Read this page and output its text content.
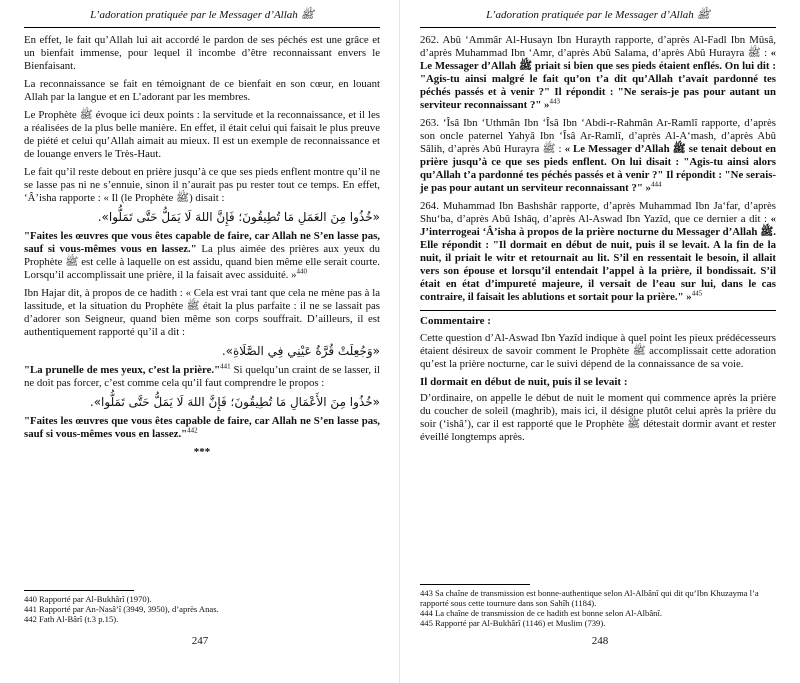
L’adoration pratiquée par le Messager d’Allah ﷺ

En effet, le fait qu’Allah lui ait accordé le pardon de ses péchés est une grâce et un bienfait immense, pour lequel il incombe d’être reconnaissant envers le Bienfaisant.

La reconnaissance se fait en témoignant de ce bienfait en son cœur, en louant Allah par la langue et en L’adorant par les membres.

Le Prophète ﷺ évoque ici deux points : la servitude et la reconnaissance, et il les a réalisées de la plus belle manière. En effet, il était celui qui faisait le plus preuve de piété et celui qu’Allah aimait au mieux. Il est un exemple de reconnaissance et de louange envers le Très-Haut.

Le fait qu’il reste debout en prière jusqu’à ce que ses pieds enflent montre qu’il ne se lasse pas ni ne s’ennuie, sinon il n’aurait pas pu rester tout ce temps. En effet, ‘Â’isha rapporte : « Il (le Prophète ﷺ) disait :

«خُذُوا مِنَ العَمَلِ مَا تُطِيقُونَ؛ فَإِنَّ اللهَ لَا يَمَلُّ حَتَّى تَمَلُّوا».

"Faites les œuvres que vous êtes capable de faire, car Allah ne S’en lasse pas, sauf si vous-mêmes vous en lassez." La plus aimée des prières aux yeux du Prophète ﷺ est celle à laquelle on est assidu, quand bien même elle serait courte. Lorsqu’il accomplissait une prière, il la faisait avec assiduité. »$^{440}$

Ibn Hajar dit, à propos de ce hadith : « Cela est vrai tant que cela ne mène pas à la lassitude, et la situation du Prophète ﷺ était la plus parfaite : il ne se lassait pas d’adorer son Seigneur, quand bien même son corps souffrait. D’ailleurs, il est authentiquement rapporté qu’il a dit :

«وَجُعِلَتْ قُرَّةُ عَيْنِي فِي الصَّلَاةِ».

"La prunelle de mes yeux, c’est la prière."$^{441}$ Si quelqu’un craint de se lasser, il ne doit pas forcer, c’est comme cela qu’il faut comprendre le propos :

«خُذُوا مِنَ الأَعْمَالِ مَا تُطِيقُونَ؛ فَإِنَّ اللهَ لَا يَمَلُّ حَتَّى تَمَلُّوا».

"Faites les œuvres que vous êtes capable de faire, car Allah ne S’en lasse pas, sauf si vous-mêmes vous en lassez."$^{442}$

***
440 Rapporté par Al-Bukhârî (1970).
441 Rapporté par An-Nasâ’î (3949, 3950), d’après Anas.
442 Fath Al-Bârî (t.3 p.15).
247
L’adoration pratiquée par le Messager d’Allah ﷺ

262. Abû ‘Ammâr Al-Husayn Ibn Hurayth rapporte, d’après Al-Fadl Ibn Mûsâ, d’après Muhammad Ibn ‘Amr, d’après Abû Salama, d’après Abû Hurayra ﷺ : « Le Messager d’Allah ﷺ priait si bien que ses pieds étaient enflés. On lui dit : "Agis-tu ainsi malgré le fait qu’on t’a dit qu’Allah t’avait pardonné tes péchés passés et à venir ?" Il répondit : "Ne serais-je pas pour autant un serviteur reconnaissant ?" »$^{443}$

263. ‘Îsâ Ibn ‘Uthmân Ibn ‘Îsâ Ibn ‘Abdi-r-Rahmân Ar-Ramlî rapporte, d’après son oncle paternel Yahyâ Ibn ‘Îsâ Ar-Ramlî, d’après Al-A‘mash, d’après Abû Sâlih, d’après Abû Hurayra ﷺ : « Le Messager d’Allah ﷺ se tenait debout en prière jusqu’à ce que ses pieds enflent. On lui disait : "Agis-tu ainsi alors qu’Allah t’a pardonné tes péchés passés et à venir ?" Il répondit : "Ne serais-je pas pour autant un serviteur reconnaissant ?" »$^{444}$

264. Muhammad Ibn Bashshâr rapporte, d’après Muhammad Ibn Ja‘far, d’après Shu‘ba, d’après Abû Ishâq, d’après Al-Aswad Ibn Yazîd, que ce dernier a dit : « J’interrogeai ‘Â’isha à propos de la prière nocturne du Messager d’Allah ﷺ. Elle répondit : "Il dormait en début de nuit, puis il se levait. A la fin de la nuit, il priait le witr et retournait au lit. S’il en ressentait le besoin, il allait vers son épouse et lorsqu’il entendait l’appel à la prière, il bondissait. S’il était en état d’impureté majeure, il versait de l’eau sur lui, dans le cas contraire, il faisait les ablutions et sortait pour la prière." »$^{445}$

Commentaire :

Cette question d’Al-Aswad Ibn Yazîd indique à quel point les pieux prédécesseurs étaient désireux de savoir comment le Prophète ﷺ accomplissait cette adoration qu’est la prière nocturne, car le suivi dépend de la connaissance de sa voie.

Il dormait en début de nuit, puis il se levait :

D’ordinaire, on appelle le début de nuit le moment qui commence après la prière du coucher de soleil (maghrib), mais ici, il désigne plutôt celui après la prière du soir (‘ishâ’), car il est rapporté que le Prophète ﷺ détestait dormir avant et rester éveillé longtemps après.

443 Sa chaîne de transmission est bonne-authentique selon Al-Albânî qui dit qu’Ibn Khuzayma l’a rapporté sous cette tournure dans son Sahîh (1184).
444 La chaîne de transmission de ce hadith est bonne selon Al-Albânî.
445 Rapporté par Al-Bukhârî (1146) et Muslim (739).
248
